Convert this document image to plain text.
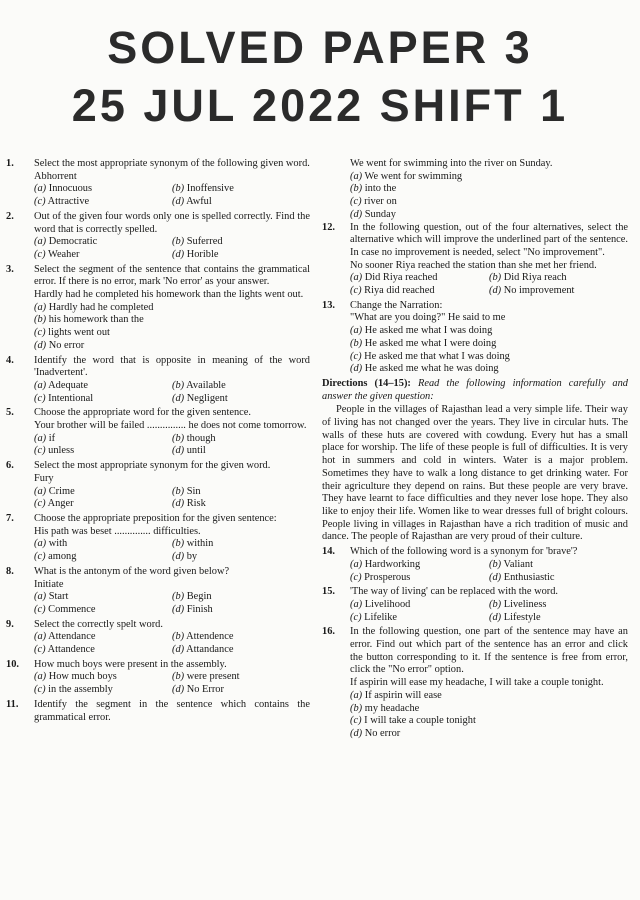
SOLVED PAPER 3
25 JUL 2022 SHIFT 1
1. Select the most appropriate synonym of the following given word.
Abhorrent
(a) Innocuous	(b) Inoffensive
(c) Attractive	(d) Awful
2. Out of the given four words only one is spelled correctly. Find the word that is correctly spelled.
(a) Democratic	(b) Suferred
(c) Weaher	(d) Horible
3. Select the segment of the sentence that contains the grammatical error. If there is no error, mark 'No error' as your answer.
Hardly had he completed his homework than the lights went out.
(a) Hardly had he completed
(b) his homework than the
(c) lights went out
(d) No error
4. Identify the word that is opposite in meaning of the word 'Inadvertent'.
(a) Adequate	(b) Available
(c) Intentional	(d) Negligent
5. Choose the appropriate word for the given sentence.
Your brother will be failed ............... he does not come tomorrow.
(a) if	(b) though
(c) unless	(d) until
6. Select the most appropriate synonym for the given word.
Fury
(a) Crime	(b) Sin
(c) Anger	(d) Risk
7. Choose the appropriate preposition for the given sentence:
His path was beset .............. difficulties.
(a) with	(b) within
(c) among	(d) by
8. What is the antonym of the word given below?
Initiate
(a) Start	(b) Begin
(c) Commence	(d) Finish
9. Select the correctly spelt word.
(a) Attendance	(b) Attendence
(c) Attandence	(d) Attandance
10. How much boys were present in the assembly.
(a) How much boys	(b) were present
(c) in the assembly	(d) No Error
11. Identify the segment in the sentence which contains the grammatical error.
We went for swimming into the river on Sunday.
(a) We went for swimming
(b) into the
(c) river on
(d) Sunday
12. In the following question, out of the four alternatives, select the alternative which will improve the underlined part of the sentence. In case no improvement is needed, select "No improvement".
No sooner Riya reached the station than she met her friend.
(a) Did Riya reached	(b) Did Riya reach
(c) Riya did reached	(d) No improvement
13. Change the Narration:
"What are you doing?" He said to me
(a) He asked me what I was doing
(b) He asked me what I were doing
(c) He asked me that what I was doing
(d) He asked me what he was doing
Directions (14–15): Read the following information carefully and answer the given question:
People in the villages of Rajasthan lead a very simple life. Their way of living has not changed over the years. They live in circular huts. The walls of these huts are covered with cowdung. Every hut has a small place for worship. The life of these people is full of difficulties. It is very hot in summers and cold in winters. Water is a major problem. Sometimes they have to walk a long distance to get drinking water. For their agriculture they depend on rains. But these people are very brave. They have learnt to face difficulties and they never lose hope. They also like to enjoy their life. Women like to wear dresses full of bright colours. People living in villages in Rajasthan have a rich tradition of music and dance. The people of Rajasthan are very proud of their culture.
14. Which of the following word is a synonym for 'brave'?
(a) Hardworking	(b) Valiant
(c) Prosperous	(d) Enthusiastic
15. 'The way of living' can be replaced with the word.
(a) Livelihood	(b) Liveliness
(c) Lifelike	(d) Lifestyle
16. In the following question, one part of the sentence may have an error. Find out which part of the sentence has an error and click the button corresponding to it. If the sentence is free from error, click the "No error" option.
If aspirin will ease my headache, I will take a couple tonight.
(a) If aspirin will ease
(b) my headache
(c) I will take a couple tonight
(d) No error
